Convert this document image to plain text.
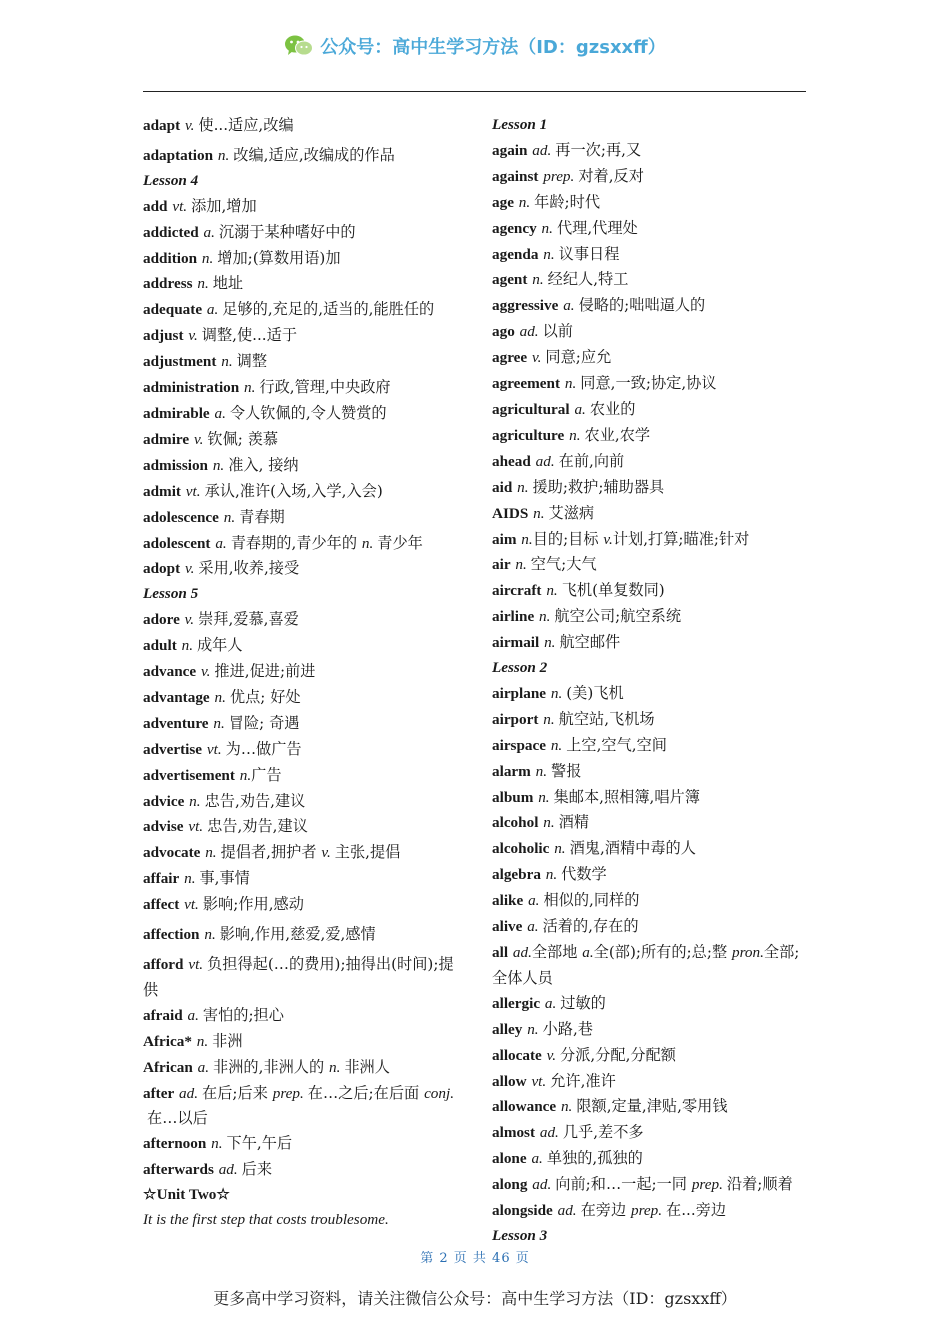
公众号：高中生学习方法（ID：gzsxxff）

adapt v. 使...适应,改编

adaptation n. 改编,适应,改编成的作品

Lesson 4

add vt. 添加,增加

addicted a. 沉溺于某种嗜好中的

addition n. 增加;(算数用语)加

address n. 地址

adequate a. 足够的,充足的,适当的,能胜任的

adjust v. 调整,使...适于

adjustment n. 调整

administration n. 行政,管理,中央政府

admirable a. 令人钦佩的,令人赞赏的

admire v. 钦佩; 羡慕

admission n. 准入, 接纳

admit vt. 承认,准许(入场,入学,入会)

adolescence n. 青春期

adolescent a. 青春期的,青少年的 n. 青少年

adopt v. 采用,收养,接受

Lesson 5

adore v. 崇拜,爱慕,喜爱

adult n. 成年人

advance v. 推进,促进;前进

advantage n. 优点; 好处

adventure n. 冒险; 奇遇

advertise vt. 为…做广告

advertisement n.广告

advice n. 忠告,劝告,建议

advise vt. 忠告,劝告,建议

advocate n. 提倡者,拥护者 v. 主张,提倡

affair n. 事,事情

affect vt. 影响;作用,感动

affection n. 影响,作用,慈爱,爱,感情

afford vt. 负担得起(…的费用);抽得出(时间);提供

afraid a. 害怕的;担心

Africa* n. 非洲

African a. 非洲的,非洲人的 n. 非洲人

after ad. 在后;后来 prep. 在…之后;在后面 conj.在…以后

afternoon n. 下午,午后

afterwards ad. 后来

☆Unit Two☆

It is the first step that costs troublesome.

Lesson 1

again ad. 再一次;再,又

against prep. 对着,反对

age n. 年龄;时代

agency n. 代理,代理处

agenda n. 议事日程

agent n. 经纪人,特工

aggressive a. 侵略的;咄咄逼人的

ago ad. 以前

agree v. 同意;应允

agreement n. 同意,一致;协定,协议

agricultural a. 农业的

agriculture n. 农业,农学

ahead ad. 在前,向前

aid n. 援助;救护;辅助器具

AIDS n. 艾滋病

aim n.目的;目标 v.计划,打算;瞄准;针对

air n. 空气;大气

aircraft n. 飞机(单复数同)

airline n. 航空公司;航空系统

airmail n. 航空邮件

Lesson 2

airplane n. (美)飞机

airport n. 航空站,飞机场

airspace n. 上空,空气,空间

alarm n. 警报

album n. 集邮本,照相簿,唱片簿

alcohol n. 酒精

alcoholic n. 酒鬼,酒精中毒的人

algebra n. 代数学

alike a. 相似的,同样的

alive a. 活着的,存在的

all ad.全部地 a.全(部);所有的;总;整 pron.全部;全体人员

allergic a. 过敏的

alley n. 小路,巷

allocate v. 分派,分配,分配额

allow vt. 允许,准许

allowance n. 限额,定量,津贴,零用钱

almost ad. 几乎,差不多

alone a. 单独的,孤独的

along ad. 向前;和…一起;一同 prep. 沿着;顺着

alongside ad. 在旁边 prep. 在...旁边

Lesson 3

第 2 页 共 46 页
更多高中学习资料，请关注微信公众号：高中生学习方法（ID：gzsxxff）
